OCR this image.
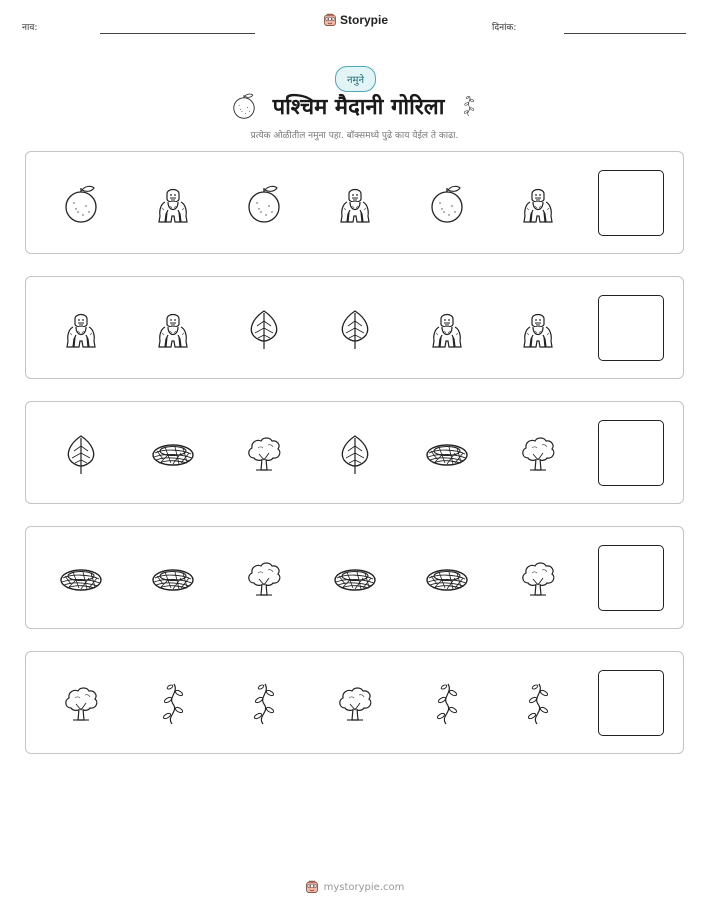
नाव:
Storypie
दिनांक:
नमुने
पश्चिम मैदानी गोरिला
प्रत्येक ओळीतील नमुना पहा. बॉक्समध्ये पुढे काय येईल ते काढा.
mystorypie.com
